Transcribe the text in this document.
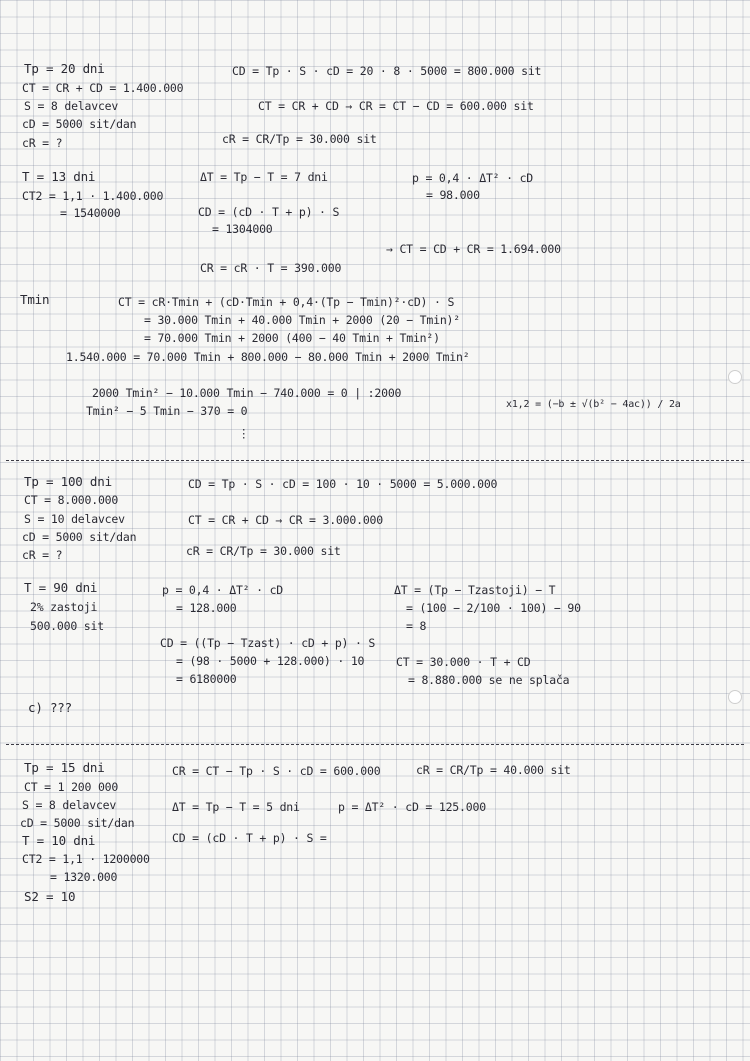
Tp = 20 dni
CT = CR + CD = 1.400.000
S = 8 delavcev
cD = 5000 sit/dan
cR = ?
CD = Tp · S · cD = 20 · 8 · 5000 = 800.000 sit
CT = CR + CD → CR = CT − CD = 600.000 sit
cR = CR/Tp = 30.000 sit
T = 13 dni
CT2 = 1,1 · 1.400.000
= 1540000
ΔT = Tp − T = 7 dni	p = 0,4 · ΔT² · cD
= 98.000
CD = (cD · T + p) · S
= 1304000
→ CT = CD + CR = 1.694.000
CR = cR · T = 390.000
Tmin	CT = cR·Tmin + (cD·Tmin + 0,4·(Tp − Tmin)²·cD) · S
= 30.000 Tmin + 40.000 Tmin + 2000 (20 − Tmin)²
= 70.000 Tmin + 2000 (400 − 40 Tmin + Tmin²)
1.540.000 = 70.000 Tmin + 800.000 − 80.000 Tmin + 2000 Tmin²
2000 Tmin² − 10.000 Tmin − 740.000 = 0 | :2000
Tmin² − 5 Tmin − 370 = 0	x1,2 = (−b ± √(b² − 4ac)) / 2a
⋮
Tp = 100 dni
CT = 8.000.000
S = 10 delavcev
cD = 5000 sit/dan
cR = ?
CD = Tp · S · cD = 100 · 10 · 5000 = 5.000.000
CT = CR + CD → CR = 3.000.000
cR = CR/Tp = 30.000 sit
T = 90 dni
2% zastoji
500.000 sit
p = 0,4 · ΔT² · cD
= 128.000
ΔT = (Tp − Tzastoji) − T
= (100 − 2/100 · 100) − 90
= 8
CD = ((Tp − Tzast) · cD + p) · S
= (98 · 5000 + 128.000) · 10
= 6180000
CT = 30.000 · T + CD
= 8.880.000 se ne splača
c) ???
Tp = 15 dni
CT = 1 200 000
S = 8 delavcev
cD = 5000 sit/dan
T = 10 dni
CT2 = 1,1 · 1200000
= 1320.000
S2 = 10
CR = CT − Tp · S · cD = 600.000	cR = CR/Tp = 40.000 sit
ΔT = Tp − T = 5 dni	p = ΔT² · cD = 125.000
CD = (cD · T + p) · S =
